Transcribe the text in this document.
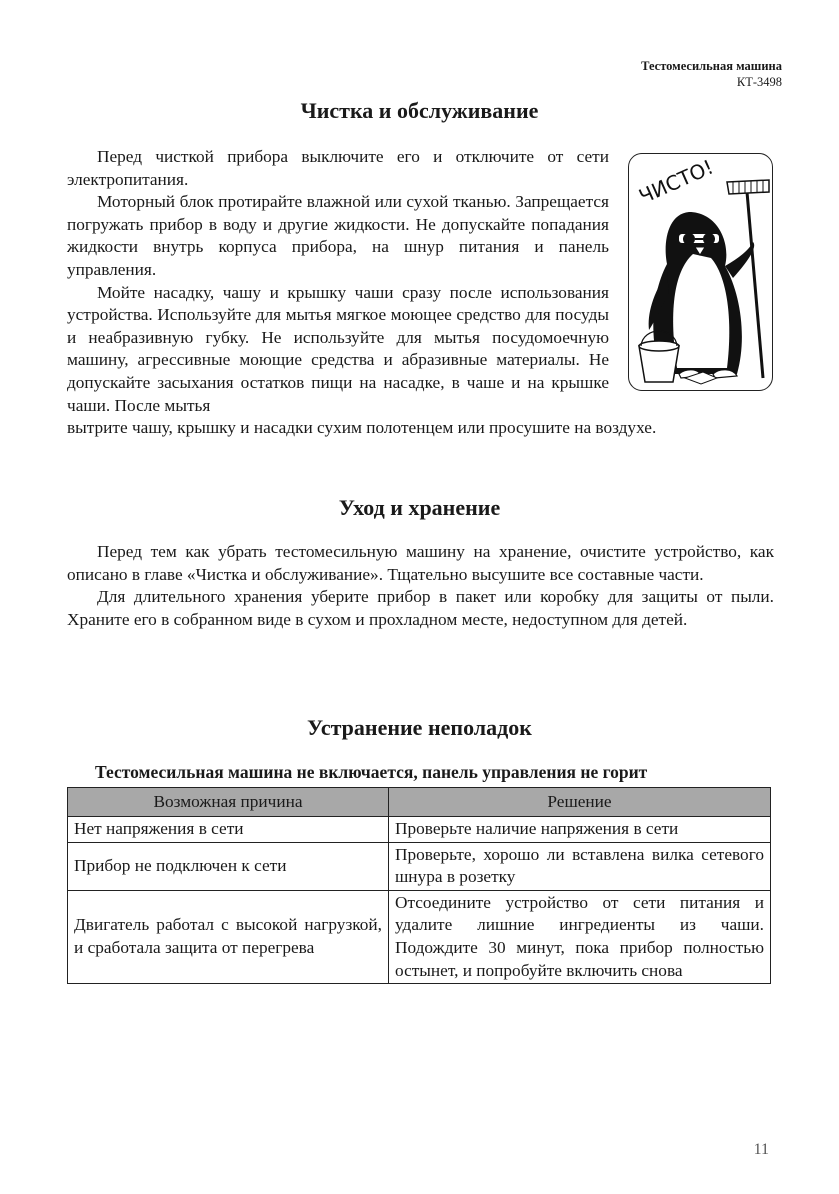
Тестомесильная машина
КТ-3498
Чистка и обслуживание

Перед чисткой прибора выключите его и отключите от сети электропитания.

Моторный блок протирайте влажной или сухой тканью. Запрещается погружать прибор в воду и другие жидкости. Не допускайте попадания жидкости внутрь корпуса прибора, на шнур питания и панель управления.

Мойте насадку, чашу и крышку чаши сразу после использования устройства. Используйте для мытья мягкое моющее средство для посуды и неабразивную губку. Не используйте для мытья посудомоечную машину, агрессивные моющие средства и абразивные материалы. Не допускайте засыхания остатков пищи на насадке, в чаше и на крышке чаши. После мытья

вытрите чашу, крышку и насадки сухим полотенцем или просушите на воздухе.

ЧИСТО!
Уход и хранение

Перед тем как убрать тестомесильную машину на хранение, очистите устройство, как описано в главе «Чистка и обслуживание». Тщательно высушите все составные части.

Для длительного хранения уберите прибор в пакет или коробку для защиты от пыли. Храните его в собранном виде в сухом и прохладном месте, недоступном для детей.

Устранение неполадок
Тестомесильная машина не включается, панель управления не горит
Возможная причина	Решение
Нет напряжения в сети	Проверьте наличие напряжения в сети
Прибор не подключен к сети	Проверьте, хорошо ли вставлена вилка сетевого шнура в розетку
Двигатель работал с высокой нагрузкой, и сработала защита от перегрева	Отсоедините устройство от сети питания и удалите лишние ингредиенты из чаши. Подождите 30 минут, пока прибор полностью остынет, и попробуйте включить снова
11
